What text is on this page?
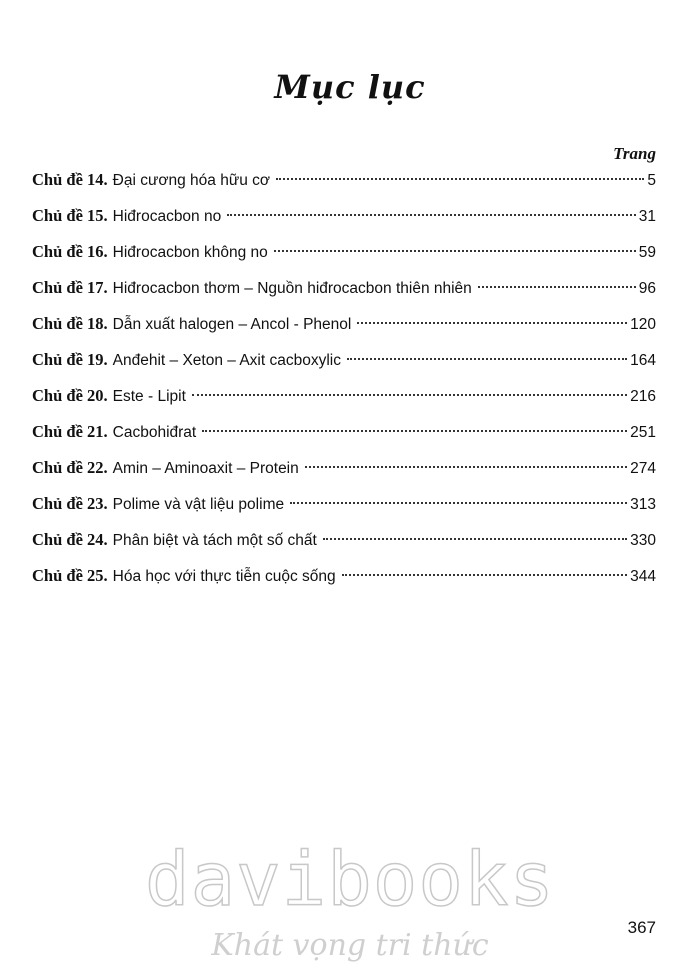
Mục lục
Trang
Chủ đề 14. Đại cương hóa hữu cơ	5
Chủ đề 15. Hiđrocacbon no	31
Chủ đề 16. Hiđrocacbon không no	59
Chủ đề 17. Hiđrocacbon thơm – Nguồn hiđrocacbon thiên nhiên	96
Chủ đề 18. Dẫn xuất halogen – Ancol - Phenol	120
Chủ đề 19. Anđehit – Xeton – Axit cacboxylic	164
Chủ đề 20. Este - Lipit	216
Chủ đề 21. Cacbohiđrat	251
Chủ đề 22. Amin – Aminoaxit – Protein	274
Chủ đề 23. Polime và vật liệu polime	313
Chủ đề 24. Phân biệt và tách một số chất	330
Chủ đề 25. Hóa học với thực tiễn cuộc sống	344
davibooks
Khát vọng tri thức
367
